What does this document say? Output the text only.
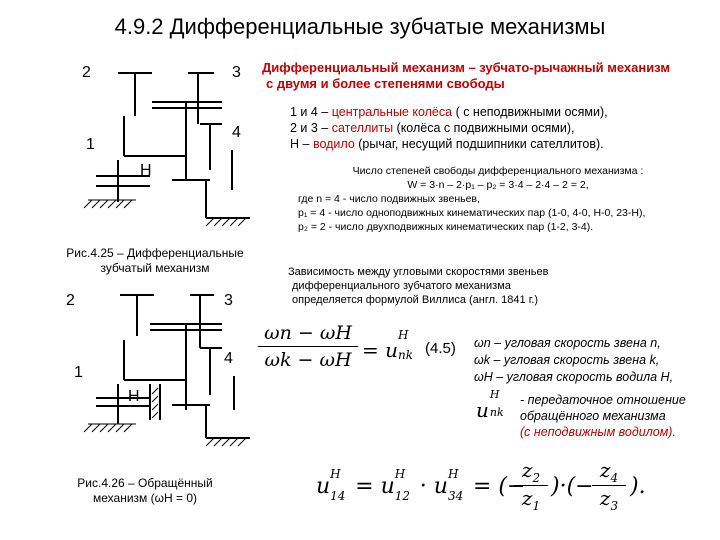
4.9.2 Дифференциальные зубчатые механизмы
Дифференциальный механизм – зубчато-рычажный механизм
с двумя и более степенями свободы
1 и 4 – центральные колёса ( с неподвижными осями),
2 и 3 – сателлиты (колёса с подвижными осями),
Н – водило (рычаг, несущий подшипники сателлитов).
Число степеней свободы дифференциального механизма :
W = 3·n – 2·p₁ – p₂ = 3·4 – 2·4 – 2 = 2,
где n = 4 - число подвижных звеньев,
p₁ = 4 - число одноподвижных кинематических пар (1-0, 4-0, Н-0, 23-Н),
p₂ = 2 - число двухподвижных кинематических пар (1-2, 3-4).
2	3
4
1
Н
Рис.4.25 – Дифференциальные
зубчатый механизм
2	3
4
1
Н
Рис.4.26 – Обращённый
механизм (ωН = 0)
Зависимость между угловыми скоростями звеньев
дифференциального зубчатого механизма
определяется формулой Виллиса (англ. 1841 г.)
$\frac{\omega n - \omega H}{\omega k - \omega H} = u$
H
nk (4.5) ωn – угловая скорость звена n,
ωk – угловая скорость звена k,
ωH – угловая скорость водила Н,
u
H
nk
- передаточное отношение
обращённого механизма
(с неподвижным водилом).
u H
14 = u H
12 · u H
34 = (−
$z_2$
$z_1$
)·(−
$z_4$
$z_3$
).
